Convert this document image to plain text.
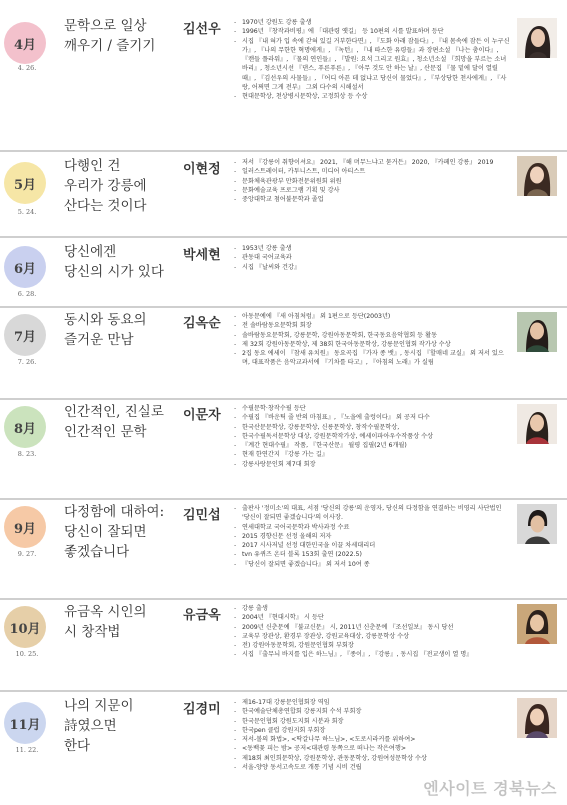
4月
4. 26.
문학으로 일상
깨우기 / 즐기기
김선우	- 1970년 강원도 강릉 출생
- 1996년 『창작과비평』에 「대관령 옛길」 등 10편의 시를 발표하며 등단
- 시집 『내 혀가 입 속에 갇혀 있길 거부한다면』, 『도화 아래 잠들다』, 『내 몸속에 잠든 이 누구신가』, 『나의 무한한 혁명에게』, 『녹턴』, 『내 따스한 유령들』과 장편소설 『나는 춤이다』, 『캔들 플라워』, 『물의 연인들』, 『발원: 요석 그리고 원효』, 청소년소설 『희망을 부르는 소녀 바리』, 청소년시선 『댄스, 푸른푸른』, 『아무 것도 안 하는 날』, 산문집 『물 밑에 달이 열릴 때』, 『김선우의 사물들』, 『어디 아픈 데 없냐고 당신이 물었다』, 『부상당한 천사에게』, 『사랑, 어쩌면 그게 전부』 그외 다수의 시해설서
- 현대문학상, 천상병시문학상, 고정희상 등 수상
5月
5. 24.
다행인 건
우리가 강릉에
산다는 것이다
이현정	- 저서 『강릉이 취향이셔요』 2021, 『해 머무느냐고 묻거든』 2020, 『카페인 강릉』 2019
- 일러스트레이터, 카투니스트, 미디어 아티스트
- 문화체육관광부 만화전문위원회 위원
- 문화예술교육 프로그램 기획 및 강사
- 중앙대학교 첨어불문학과 졸업
6月
6. 28.
당신에겐
당신의 시가 있다
박세현	- 1953년 강릉 출생
- 관동대 국어교육과
- 시집 『날씨와 건강』
7月
7. 26.
동시와 동요의
즐거운 만남
김옥순	- 아동문예에 『새 아침처럼』 외 1편으로 등단(2003년)
- 전 솔바람동요문학회 회장
- 솔바람동요문학회, 강릉문학, 강원아동문학회, 한국동요음악협회 등 활동
- 제 32회 강원아동문학상, 제 38회 한국아동문학상, 강릉문인협회 작가상 수상
- 2집 동요 에세이 『참새 유치원』 동요곡집 『가자 종 뱃』, 동시집 『할매네 교실』 외 저서 있으며, 대표작품은 음악교과서에 『기차를 타고』, 『아침의 노래』가 실림
8月
8. 23.
인간적인, 진실로
인간적인 문학
이문자	- 수필문학·창작수필 등단
- 수필집 『바운틱 줄 반의 마침표』, 『노을에 출렁이다』 외 공저 다수
- 한국산문문학상, 강릉문학상, 신릉문학상, 창작수필문학상,
- 한국수필독서문학상 대상, 강원문학작가상, 예세이파아우수작품상 수상
- 『계간 현대수필』 작품, 『한국산문』 월평 집필(2년 6개월)
- 현재 한연간지 『강릉 가는 길』
- 강릉사랑문인회 제7대 회장
9月
9. 27.
다정함에 대하여:
당신이 잘되면
좋겠습니다
김민섭	- 출판사 '정미소'의 대표, 서점 '당신의 강릉'의 운영자, 당신의 다정함을 연결하는 비영리 사단법인 '당신이 잘되면 좋겠습니다'의 이사장.
- 연세대학교 국어국문학과 박사과정 수료
- 2015 경향신문 선정 올해의 저자
- 2017 시사저널 선정 대한민국을 이끌 차세대리더
- tvn 유퀴즈 온더 블록 153회 출연 (2022.5)
- 『당신이 잘되면 좋겠습니다』 외 저서 10여 종
10月
10. 25.
유금옥 시인의
시 창작법
유금옥	- 강릉 출생
- 2004년 『현대시학』 시 등단
- 2009년 신춘문예 『불교신문』 시, 2011년 신춘문예 『조선일보』 동시 당선
- 교육부 장관상, 환경부 장관상, 강원교육대상, 강릉문학상 수상
- 전) 강원아동문학회, 강원문인협회 부회장
- 시집 『출무늬 바지를 입은 하느님』, 『종이』, 『강릉』, 동시집 『전교생이 열 명』
11月
11. 22.
나의 지문이
詩였으면
한다
김경미	- 제16-17대 강릉문인협회장 역임
- 한국예술단체총연합회 강릉지회 수석 부회장
- 한국문인협회 강원도지회 시분과 회장
- 한국pen 클럽 강원지회 부회장
- 저서-볼의 화법>, <딱갈나무 하느님>, <도로시라커를 위하여>
- <동백꽃 피는 밤> 공저<대관령 동쪽으로 떠나는 작은여행>
- 제18회 최인희문학상, 강원문학상, 관동문학상, 강원여성문학상 수상
- 서울-양양 동서고속도로 개통 기념 시비 건립
엔사이트 경북뉴스
